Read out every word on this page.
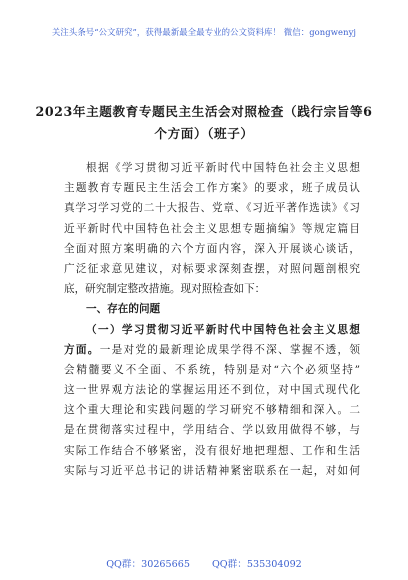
关注头条号“公文研究”，获得最新最全最专业的公文资料库！ 微信：gongwenyj
2023年主题教育专题民主生活会对照检查（践行宗旨等6
个方面）（班子）
根据《学习贯彻习近平新时代中国特色社会主义思想
主题教育专题民主生活会工作方案》的要求，班子成员认
真学习学习党的二十大报告、党章、《习近平著作选读》《习
近平新时代中国特色社会主义思想专题摘编》等规定篇目
全面对照方案明确的六个方面内容，深入开展谈心谈话，
广泛征求意见建议，对标要求深刻查摆，对照问题剖根究
底，研究制定整改措施。现对照检查如下：
一、存在的问题
（一）学习贯彻习近平新时代中国特色社会主义思想
方面。一是对党的最新理论成果学得不深、掌握不透，领
会精髓要义不全面、不系统，特别是对“六个必须坚持”
这一世界观方法论的掌握运用还不到位，对中国式现代化
这个重大理论和实践问题的学习研究不够精细和深入。二
是在贯彻落实过程中，学用结合、学以致用做得不够，与
实际工作结合不够紧密，没有很好地把理想、工作和生活
实际与习近平总书记的讲话精神紧密联系在一起，对如何
QQ群：30265665 QQ群：535304092
